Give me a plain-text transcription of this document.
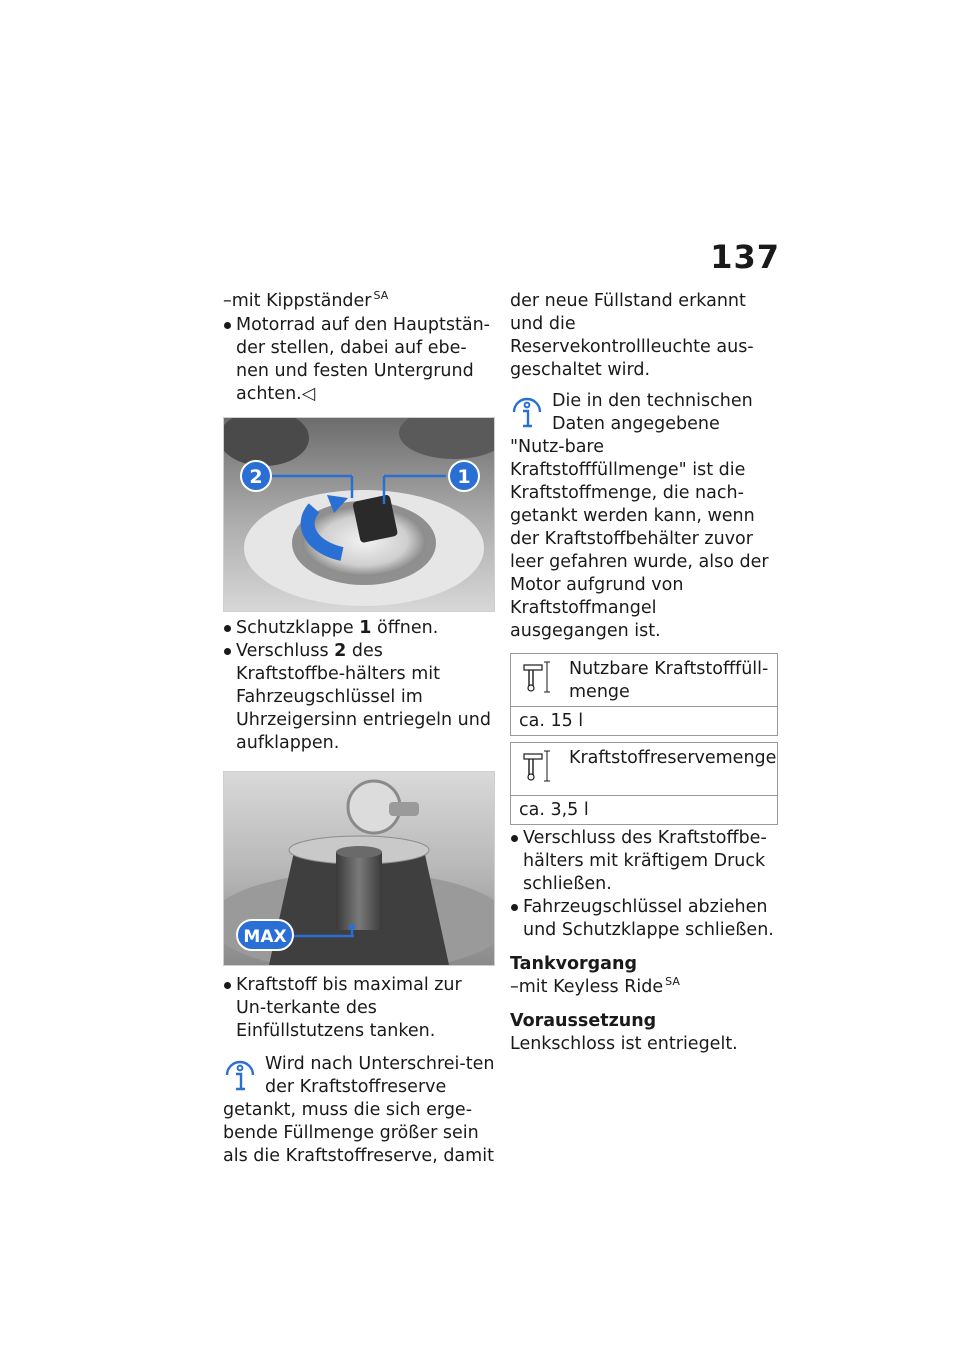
137

–mit Kippständer $^{SA}$

Motorrad auf den Hauptstän-der stellen, dabei auf ebe-nen und festen Untergrund achten.◁

2	1

Schutzklappe 1 öffnen.

Verschluss 2 des Kraftstoffbe-hälters mit Fahrzeugschlüssel im Uhrzeigersinn entriegeln und aufklappen.

MAX

Kraftstoff bis maximal zur Un-terkante des Einfüllstutzens tanken.

Wird nach Unterschrei-ten der Kraftstoffreserve getankt, muss die sich erge-bende Füllmenge größer sein als die Kraftstoffreserve, damit

der neue Füllstand erkannt und die Reservekontrollleuchte aus-geschaltet wird.

Die in den technischen Daten angegebene "Nutz-bare Kraftstofffüllmenge" ist die Kraftstoffmenge, die nach-getankt werden kann, wenn der Kraftstoffbehälter zuvor leer gefahren wurde, also der Motor aufgrund von Kraftstoffmangel ausgegangen ist.

Nutzbare Kraftstofffüll-menge
ca. 15 l
Kraftstoffreservemenge
ca. 3,5 l

Verschluss des Kraftstoffbe-hälters mit kräftigem Druck schließen.

Fahrzeugschlüssel abziehen und Schutzklappe schließen.

Tankvorgang

–mit Keyless Ride $^{SA}$

Voraussetzung

Lenkschloss ist entriegelt.
